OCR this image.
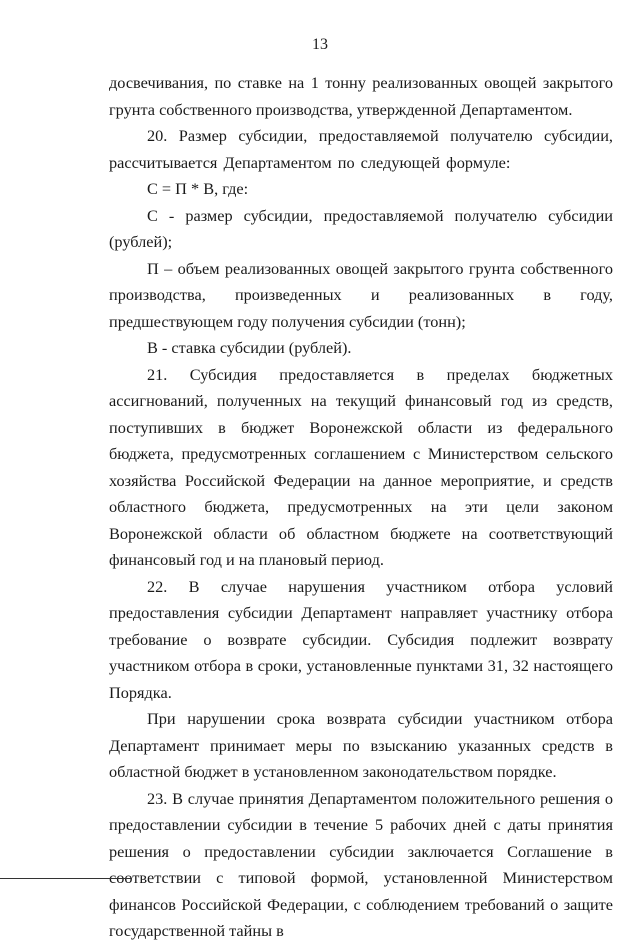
13

досвечивания, по ставке на 1 тонну реализованных овощей закрытого грунта собственного производства, утвержденной Департаментом.

20. Размер субсидии, предоставляемой получателю субсидии, рассчитывается Департаментом по следующей формуле:

С = П * В, где:

С - размер субсидии, предоставляемой получателю субсидии (рублей);

П – объем реализованных овощей закрытого грунта собственного производства, произведенных и реализованных в году, предшествующем году получения субсидии (тонн);

В - ставка субсидии (рублей).

21. Субсидия предоставляется в пределах бюджетных ассигнований, полученных на текущий финансовый год из средств, поступивших в бюджет Воронежской области из федерального бюджета, предусмотренных соглашением с Министерством сельского хозяйства Российской Федерации на данное мероприятие, и средств областного бюджета, предусмотренных на эти цели законом Воронежской области об областном бюджете на соответствующий финансовый год и на плановый период.

22. В случае нарушения участником отбора условий предоставления субсидии Департамент направляет участнику отбора требование о возврате субсидии. Субсидия подлежит возврату участником отбора в сроки, установленные пунктами 31, 32 настоящего Порядка.

При нарушении срока возврата субсидии участником отбора Департамент принимает меры по взысканию указанных средств в областной бюджет в установленном законодательством порядке.

23. В случае принятия Департаментом положительного решения о предоставлении субсидии в течение 5 рабочих дней с даты принятия решения о предоставлении субсидии заключается Соглашение в соответствии с типовой формой, установленной Министерством финансов Российской Федерации, с соблюдением требований о защите государственной тайны в
